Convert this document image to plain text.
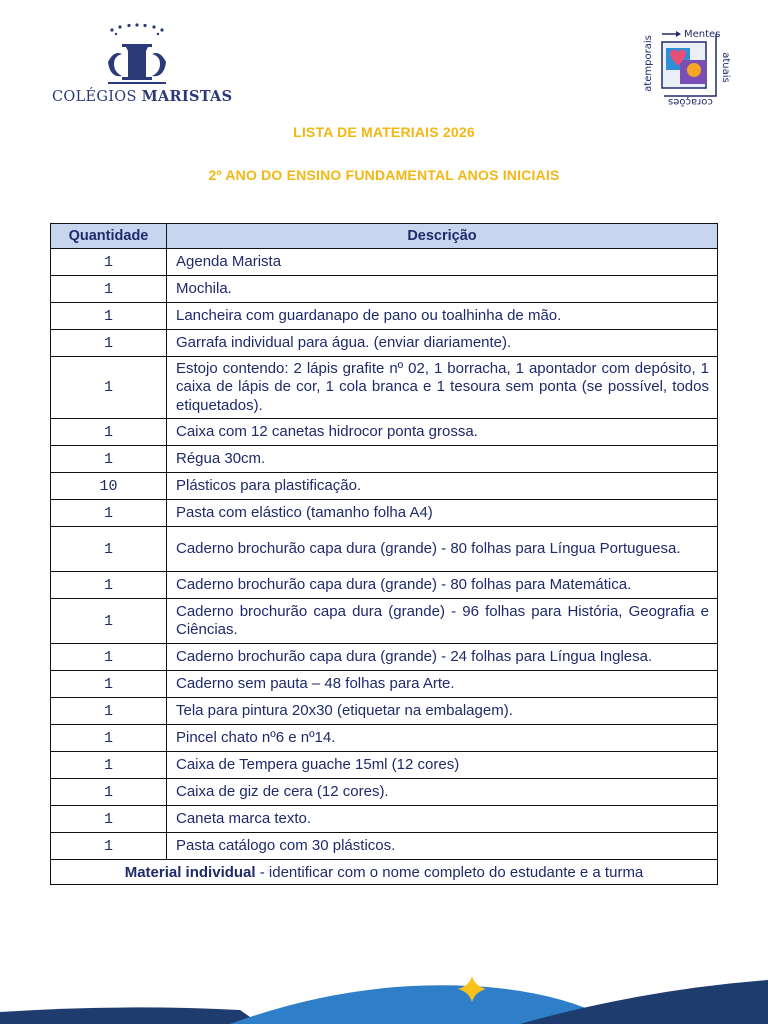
COLÉGIOS MARISTAS
Mentes
atuais
corações
atemporais
LISTA DE MATERIAIS 2026
2º ANO DO ENSINO FUNDAMENTAL ANOS INICIAIS
Quantidade	Descrição
1	Agenda Marista
1	Mochila.
1	Lancheira com guardanapo de pano ou toalhinha de mão.
1	Garrafa individual para água. (enviar diariamente).
1	Estojo contendo: 2 lápis grafite nº 02, 1 borracha, 1 apontador com depósito, 1 caixa de lápis de cor, 1 cola branca e 1 tesoura sem ponta (se possível, todos etiquetados).
1	Caixa com 12 canetas hidrocor ponta grossa.
1	Régua 30cm.
10	Plásticos para plastificação.
1	Pasta com elástico (tamanho folha A4)
1	Caderno brochurão capa dura (grande) - 80 folhas para Língua Portuguesa.
1	Caderno brochurão capa dura (grande) - 80 folhas para Matemática.
1	Caderno brochurão capa dura (grande) - 96 folhas para História, Geografia e Ciências.
1	Caderno brochurão capa dura (grande) - 24 folhas para Língua Inglesa.
1	Caderno sem pauta – 48 folhas para Arte.
1	Tela para pintura 20x30 (etiquetar na embalagem).
1	Pincel chato nº6 e nº14.
1	Caixa de Tempera guache 15ml (12 cores)
1	Caixa de giz de cera (12 cores).
1	Caneta marca texto.
1	Pasta catálogo com 30 plásticos.
Material individual - identificar com o nome completo do estudante e a turma	
